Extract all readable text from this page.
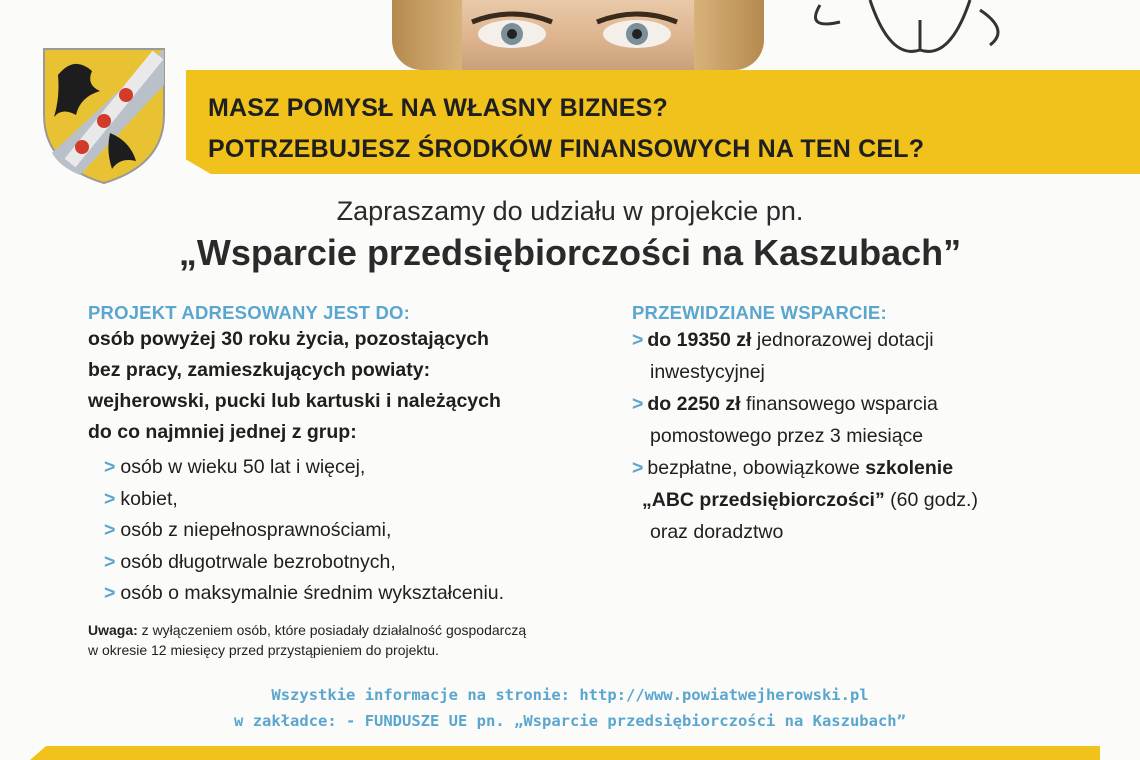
MASZ POMYSŁ NA WŁASNY BIZNES?
POTRZEBUJESZ ŚRODKÓW FINANSOWYCH NA TEN CEL?
Zapraszamy do udziału w projekcie pn.
„Wsparcie przedsiębiorczości na Kaszubach”
PROJEKT ADRESOWANY JEST DO:
osób powyżej 30 roku życia, pozostających
bez pracy, zamieszkujących powiaty:
wejherowski, pucki lub kartuski i należących
do co najmniej jednej z grup:
> osób w wieku 50 lat i więcej,
> kobiet,
> osób z niepełnosprawnościami,
> osób długotrwale bezrobotnych,
> osób o maksymalnie średnim wykształceniu.
Uwaga: z wyłączeniem osób, które posiadały działalność gospodarczą
w okresie 12 miesięcy przed przystąpieniem do projektu.
PRZEWIDZIANE WSPARCIE:
> do 19350 zł jednorazowej dotacji
inwestycyjnej
> do 2250 zł finansowego wsparcia
pomostowego przez 3 miesiące
> bezpłatne, obowiązkowe szkolenie
„ABC przedsiębiorczości” (60 godz.)
oraz doradztwo
Wszystkie informacje na stronie: http://www.powiatwejherowski.pl
w zakładce: - FUNDUSZE UE pn. „Wsparcie przedsiębiorczości na Kaszubach”
